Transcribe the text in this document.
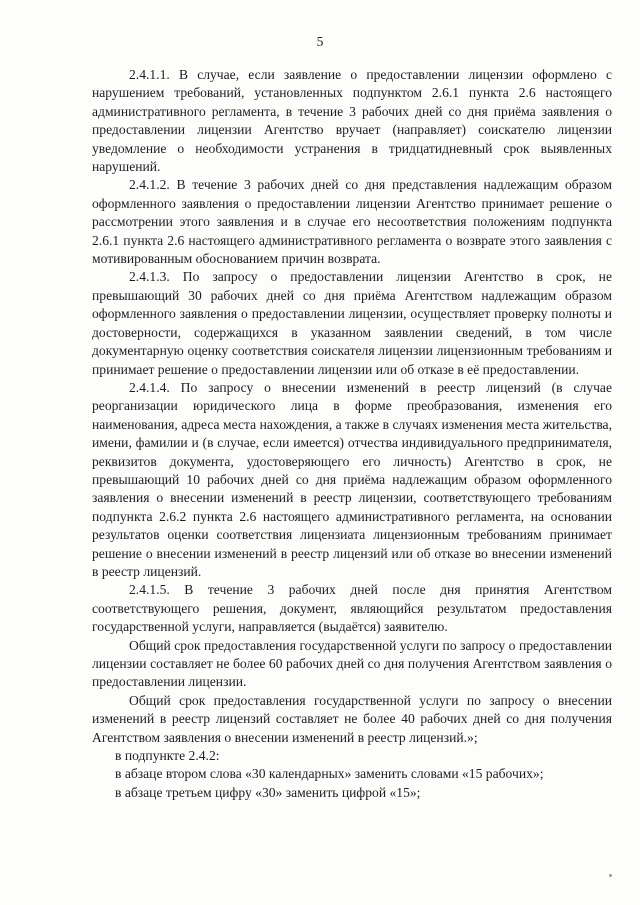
5

2.4.1.1. В случае, если заявление о предоставлении лицензии оформлено с нарушением требований, установленных подпунктом 2.6.1 пункта 2.6 настоящего административного регламента, в течение 3 рабочих дней со дня приёма заявления о предоставлении лицензии Агентство вручает (направляет) соискателю лицензии уведомление о необходимости устранения в тридцатидневный срок выявленных нарушений.

2.4.1.2. В течение 3 рабочих дней со дня представления надлежащим образом оформленного заявления о предоставлении лицензии Агентство принимает решение о рассмотрении этого заявления и в случае его несоответствия положениям подпункта 2.6.1 пункта 2.6 настоящего административного регламента о возврате этого заявления с мотивированным обоснованием причин возврата.

2.4.1.3. По запросу о предоставлении лицензии Агентство в срок, не превышающий 30 рабочих дней со дня приёма Агентством надлежащим образом оформленного заявления о предоставлении лицензии, осуществляет проверку полноты и достоверности, содержащихся в указанном заявлении сведений, в том числе документарную оценку соответствия соискателя лицензии лицензионным требованиям и принимает решение о предоставлении лицензии или об отказе в её предоставлении.

2.4.1.4. По запросу о внесении изменений в реестр лицензий (в случае реорганизации юридического лица в форме преобразования, изменения его наименования, адреса места нахождения, а также в случаях изменения места жительства, имени, фамилии и (в случае, если имеется) отчества индивидуального предпринимателя, реквизитов документа, удостоверяющего его личность) Агентство в срок, не превышающий 10 рабочих дней со дня приёма надлежащим образом оформленного заявления о внесении изменений в реестр лицензии, соответствующего требованиям подпункта 2.6.2 пункта 2.6 настоящего административного регламента, на основании результатов оценки соответствия лицензиата лицензионным требованиям принимает решение о внесении изменений в реестр лицензий или об отказе во внесении изменений в реестр лицензий.

2.4.1.5. В течение 3 рабочих дней после дня принятия Агентством соответствующего решения, документ, являющийся результатом предоставления государственной услуги, направляется (выдаётся) заявителю.

Общий срок предоставления государственной услуги по запросу о предоставлении лицензии составляет не более 60 рабочих дней со дня получения Агентством заявления о предоставлении лицензии.

Общий срок предоставления государственной услуги по запросу о внесении изменений в реестр лицензий составляет не более 40 рабочих дней со дня получения Агентством заявления о внесении изменений в реестр лицензий.»;

в подпункте 2.4.2:

в абзаце втором слова «30 календарных» заменить словами «15 рабочих»;

в абзаце третьем цифру «30» заменить цифрой «15»;
